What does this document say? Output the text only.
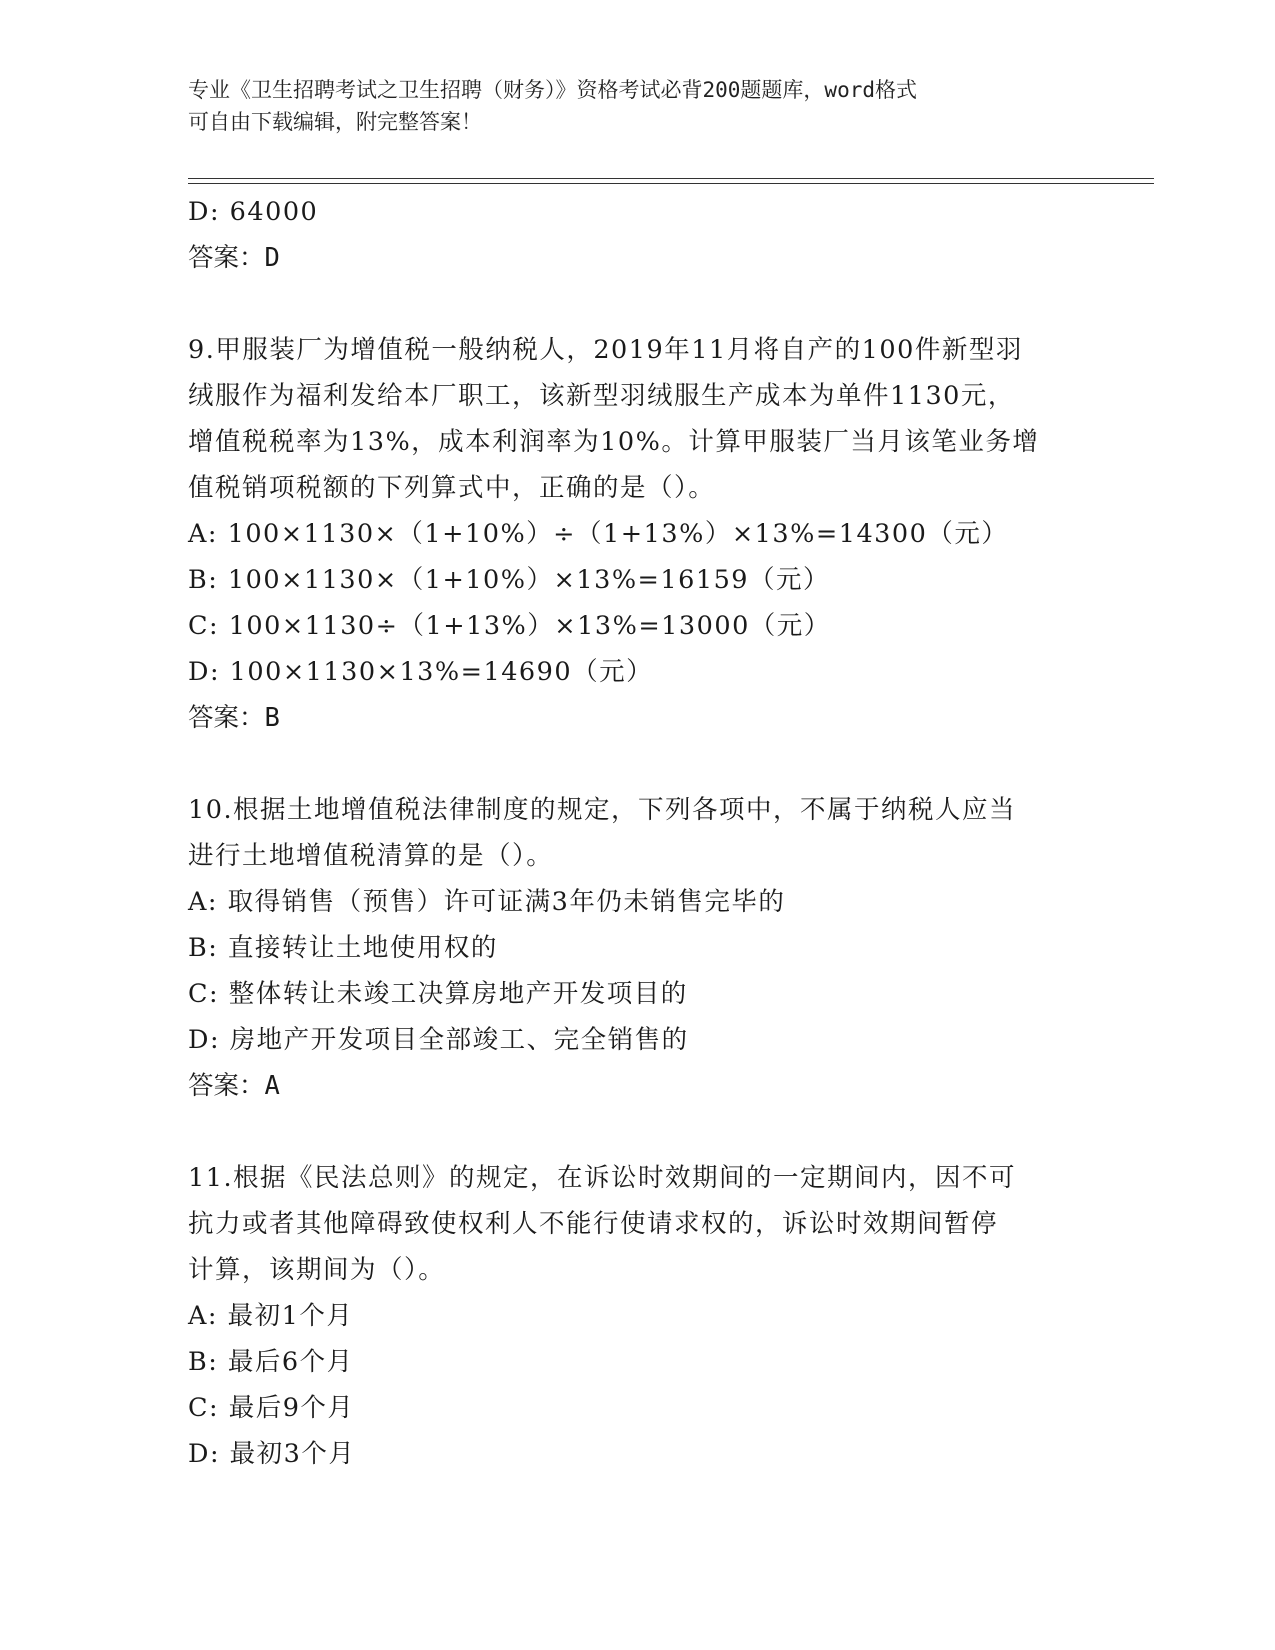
专业《卫生招聘考试之卫生招聘（财务）》资格考试必背200题题库，word格式
可自由下载编辑，附完整答案！
D: 64000
答案：D
9.甲服装厂为增值税一般纳税人，2019年11月将自产的100件新型羽
绒服作为福利发给本厂职工，该新型羽绒服生产成本为单件1130元，
增值税税率为13%，成本利润率为10%。计算甲服装厂当月该笔业务增
值税销项税额的下列算式中，正确的是（）。
A: 100×1130×（1+10%）÷（1+13%）×13%=14300（元）
B: 100×1130×（1+10%）×13%=16159（元）
C: 100×1130÷（1+13%）×13%=13000（元）
D: 100×1130×13%=14690（元）
答案：B
10.根据土地增值税法律制度的规定，下列各项中，不属于纳税人应当
进行土地增值税清算的是（）。
A: 取得销售（预售）许可证满3年仍未销售完毕的
B: 直接转让土地使用权的
C: 整体转让未竣工决算房地产开发项目的
D: 房地产开发项目全部竣工、完全销售的
答案：A
11.根据《民法总则》的规定，在诉讼时效期间的一定期间内，因不可
抗力或者其他障碍致使权利人不能行使请求权的，诉讼时效期间暂停
计算，该期间为（）。
A: 最初1个月
B: 最后6个月
C: 最后9个月
D: 最初3个月
